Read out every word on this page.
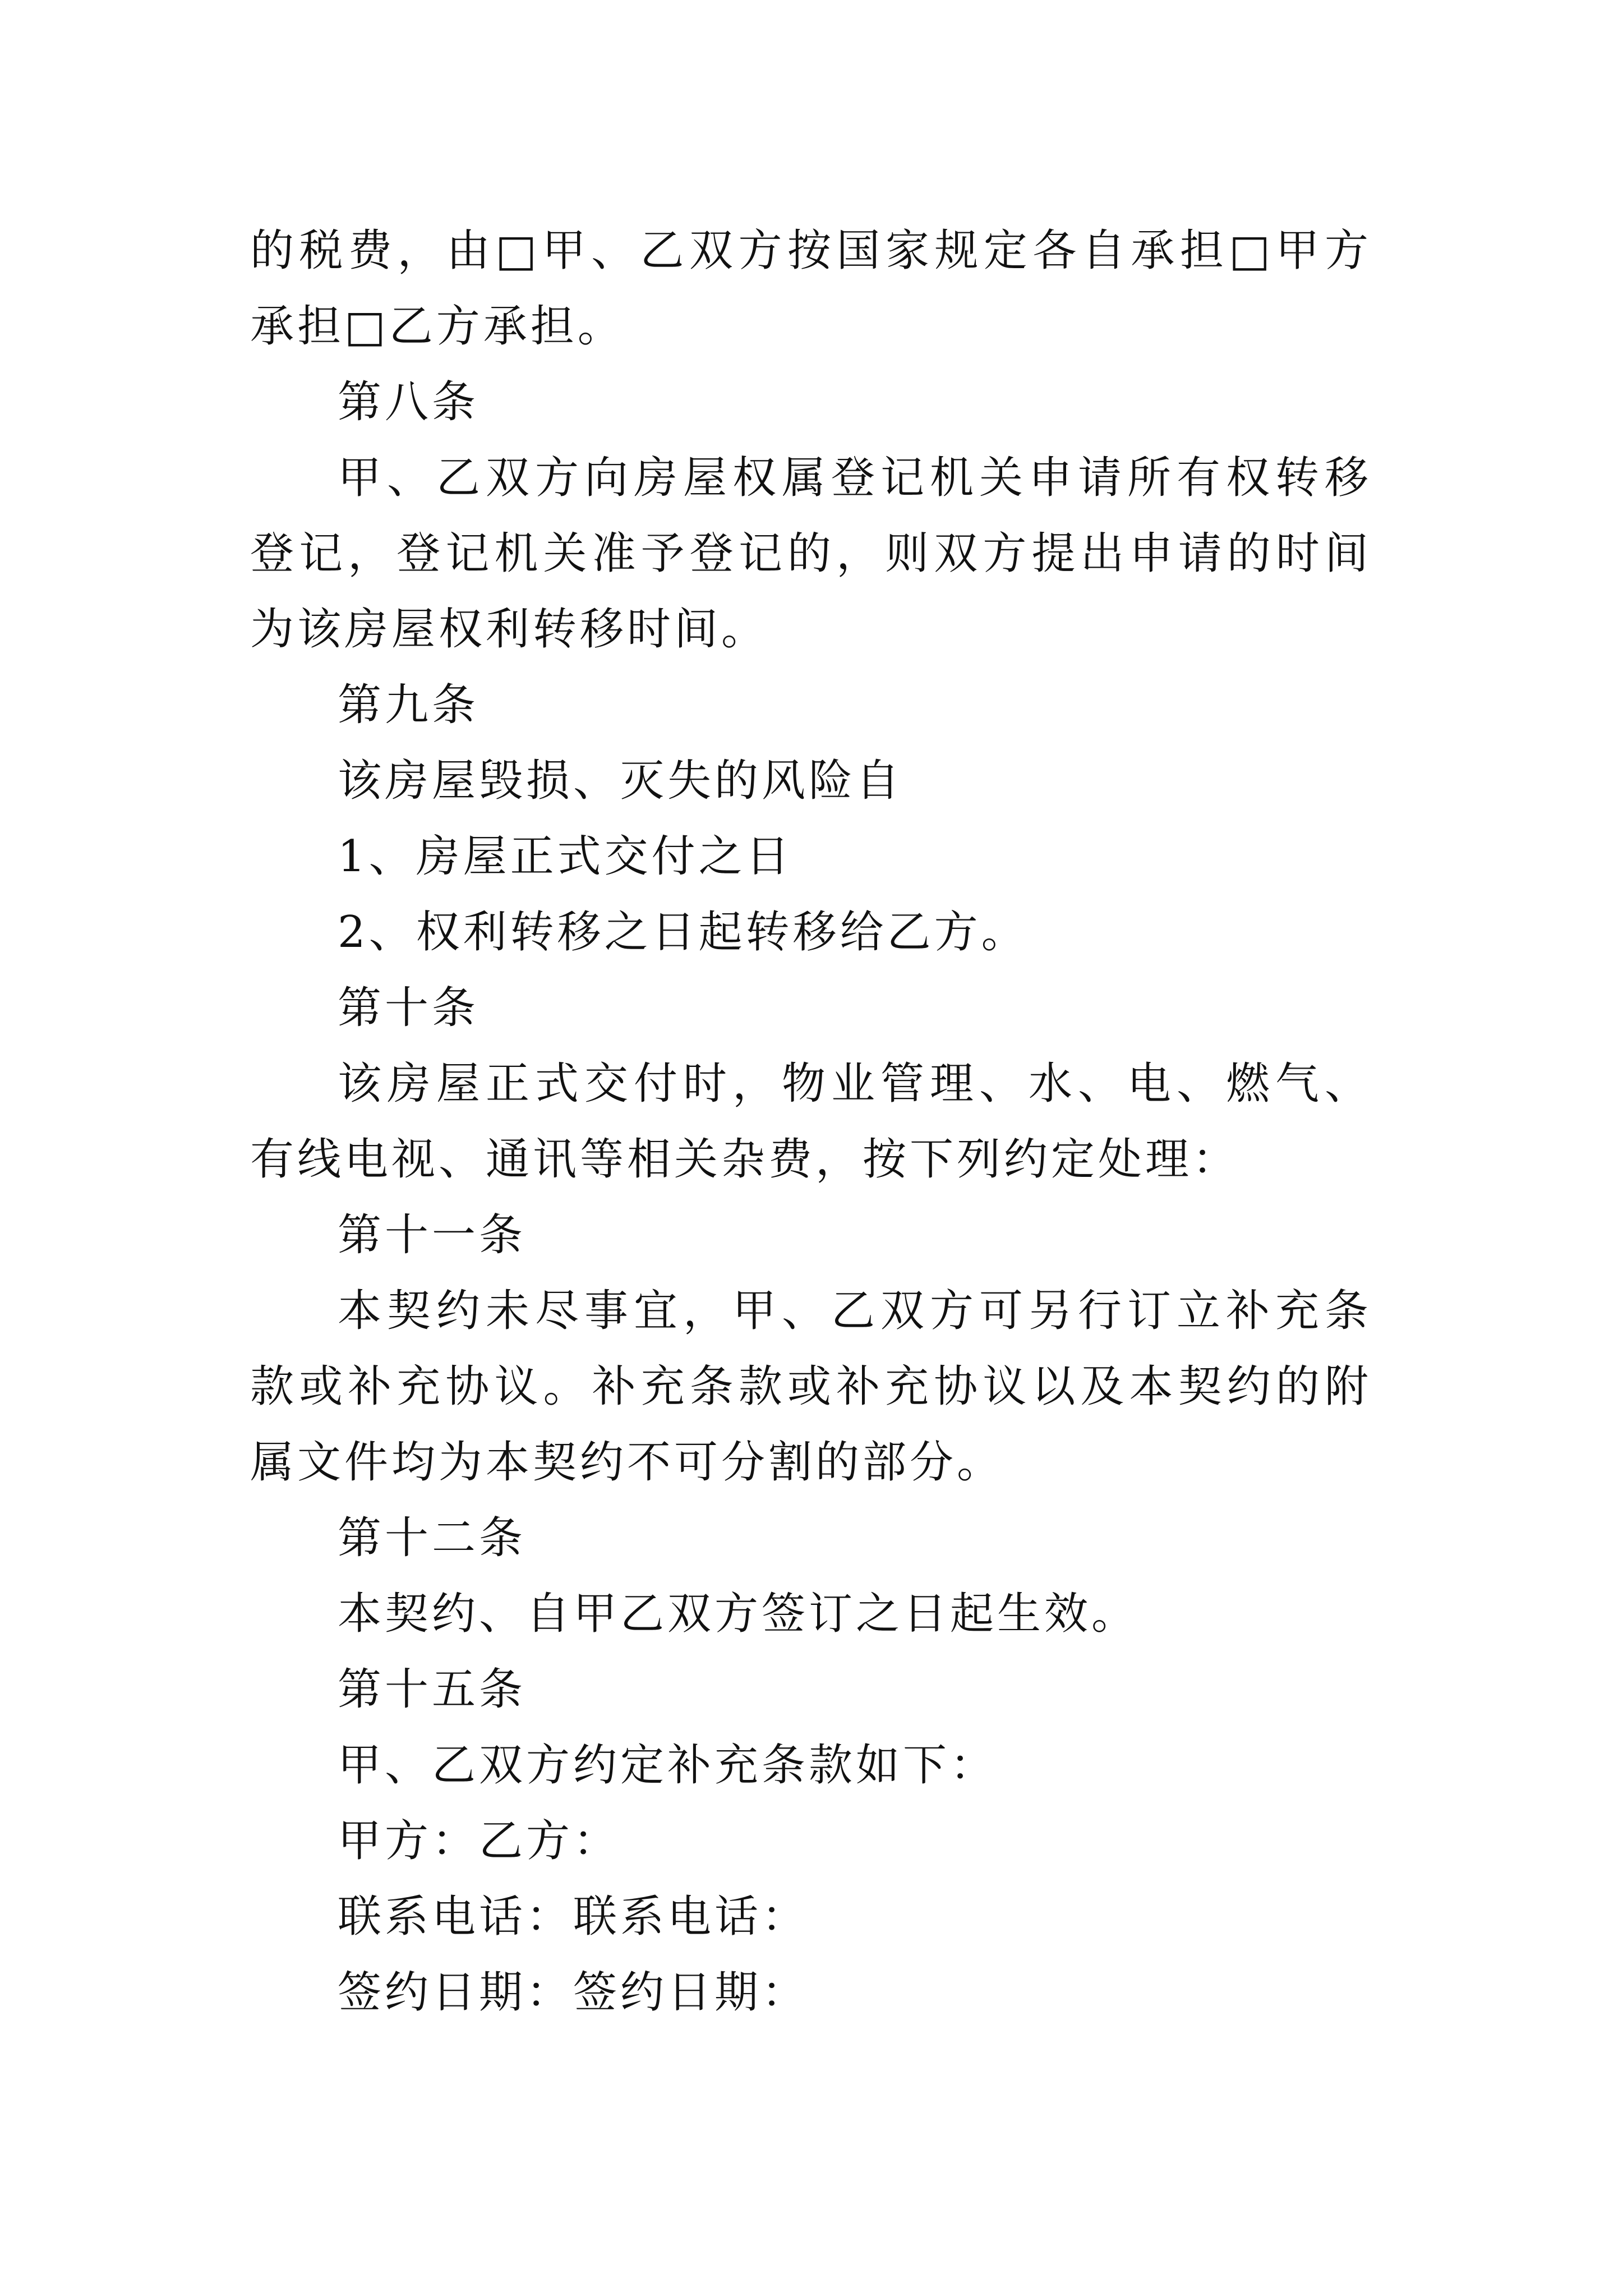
的税费，由□甲、乙双方按国家规定各自承担□甲方承担□乙方承担。

第八条

甲、乙双方向房屋权属登记机关申请所有权转移登记，登记机关准予登记的，则双方提出申请的时间为该房屋权利转移时间。

第九条

该房屋毁损、灭失的风险自

1、房屋正式交付之日

2、权利转移之日起转移给乙方。

第十条

该房屋正式交付时，物业管理、水、电、燃气、有线电视、通讯等相关杂费，按下列约定处理：

第十一条

本契约未尽事宜，甲、乙双方可另行订立补充条款或补充协议。补充条款或补充协议以及本契约的附属文件均为本契约不可分割的部分。

第十二条

本契约、自甲乙双方签订之日起生效。

第十五条

甲、乙双方约定补充条款如下：

甲方：乙方：

联系电话：联系电话：

签约日期：签约日期：
